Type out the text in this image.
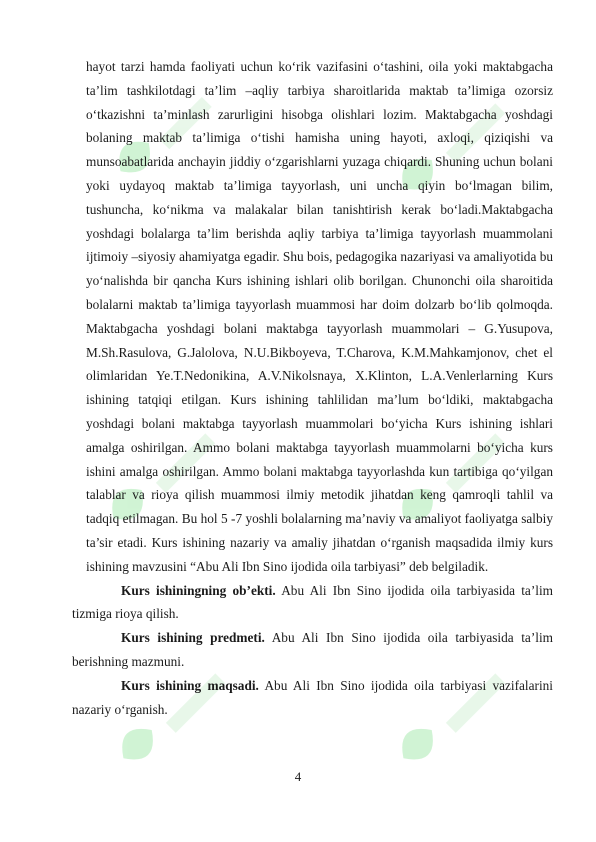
hayot tarzi hamda faoliyati uchun ko‘rik vazifasini o‘tashini, oila yoki maktabgacha ta’lim tashkilotdagi ta’lim –aqliy tarbiya sharoitlarida maktab ta’limiga ozorsiz o‘tkazishni ta’minlash zarurligini hisobga olishlari lozim. Maktabgacha yoshdagi bolaning maktab ta’limiga o‘tishi hamisha uning hayoti, axloqi, qiziqishi va munsoabatlarida anchayin jiddiy o‘zgarishlarni yuzaga chiqardi. Shuning uchun bolani yoki uydayoq maktab ta’limiga tayyorlash, uni uncha qiyin bo‘lmagan bilim, tushuncha, ko‘nikma va malakalar bilan tanishtirish kerak bo‘ladi.Maktabgacha yoshdagi bolalarga ta’lim berishda aqliy tarbiya ta’limiga tayyorlash muammolani ijtimoiy –siyosiy ahamiyatga egadir. Shu bois, pedagogika nazariyasi va amaliyotida bu yo‘nalishda bir qancha Kurs ishining ishlari olib borilgan. Chunonchi oila sharoitida bolalarni maktab ta’limiga tayyorlash muammosi har doim dolzarb bo‘lib qolmoqda. Maktabgacha yoshdagi bolani maktabga tayyorlash muammolari – G.Yusupova, M.Sh.Rasulova, G.Jalolova, N.U.Bikboyeva, T.Charova, K.M.Mahkamjonov, chet el olimlaridan Ye.T.Nedonikina, A.V.Nikolsnaya, X.Klinton, L.A.Venlerlarning Kurs ishining tatqiqi etilgan. Kurs ishining tahlilidan ma’lum bo‘ldiki, maktabgacha yoshdagi bolani maktabga tayyorlash muammolari bo‘yicha Kurs ishining ishlari amalga oshirilgan. Ammo bolani maktabga tayyorlash muammolarni bo‘yicha kurs ishini amalga oshirilgan. Ammo bolani maktabga tayyorlashda kun tartibiga qo‘yilgan talablar va rioya qilish muammosi ilmiy metodik jihatdan keng qamroqli tahlil va tadqiq etilmagan. Bu hol 5 -7 yoshli bolalarning ma’naviy va amaliyot faoliyatga salbiy ta’sir etadi. Kurs ishining nazariy va amaliy jihatdan o‘rganish maqsadida ilmiy kurs ishining mavzusini “Abu Ali Ibn Sino ijodida oila tarbiyasi” deb belgiladik.

Kurs ishiningning ob’ekti. Abu Ali Ibn Sino ijodida oila tarbiyasida ta’lim tizmiga rioya qilish.

Kurs ishining predmeti. Abu Ali Ibn Sino ijodida oila tarbiyasida ta’lim berishning mazmuni.

Kurs ishining maqsadi. Abu Ali Ibn Sino ijodida oila tarbiyasi vazifalarini nazariy o‘rganish.

4
